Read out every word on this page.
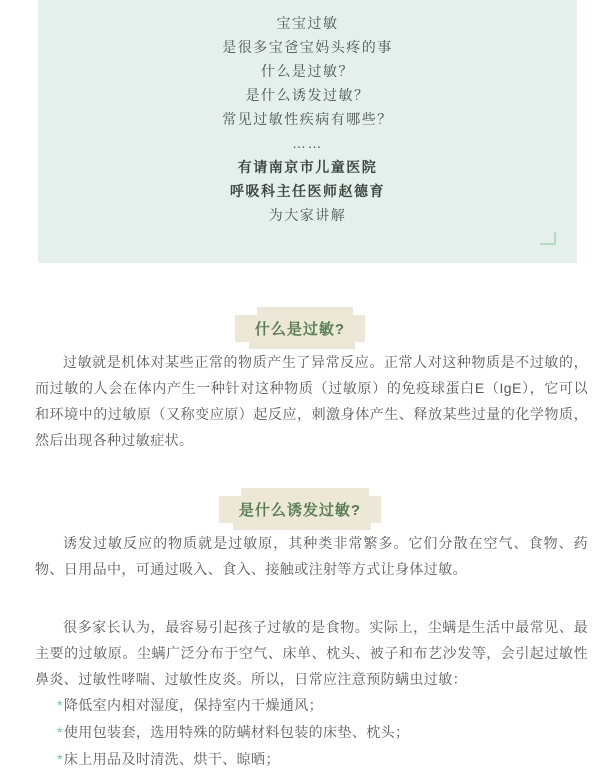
宝宝过敏

是很多宝爸宝妈头疼的事

什么是过敏？

是什么诱发过敏？

常见过敏性疾病有哪些？

……

有请南京市儿童医院

呼吸科主任医师赵德育

为大家讲解

什么是过敏?

过敏就是机体对某些正常的物质产生了异常反应。正常人对这种物质是不过敏的，而过敏的人会在体内产生一种针对这种物质（过敏原）的免疫球蛋白E（IgE），它可以和环境中的过敏原（又称变应原）起反应，刺激身体产生、释放某些过量的化学物质，然后出现各种过敏症状。

是什么诱发过敏?

诱发过敏反应的物质就是过敏原，其种类非常繁多。它们分散在空气、食物、药物、日用品中，可通过吸入、食入、接触或注射等方式让身体过敏。

很多家长认为，最容易引起孩子过敏的是食物。实际上，尘螨是生活中最常见、最主要的过敏原。尘螨广泛分布于空气、床单、枕头、被子和布艺沙发等，会引起过敏性鼻炎、过敏性哮喘、过敏性皮炎。所以，日常应注意预防螨虫过敏：

*降低室内相对湿度，保持室内干燥通风；
*使用包装套，选用特殊的防螨材料包装的床垫、枕头；
*床上用品及时清洗、烘干、晾晒；
